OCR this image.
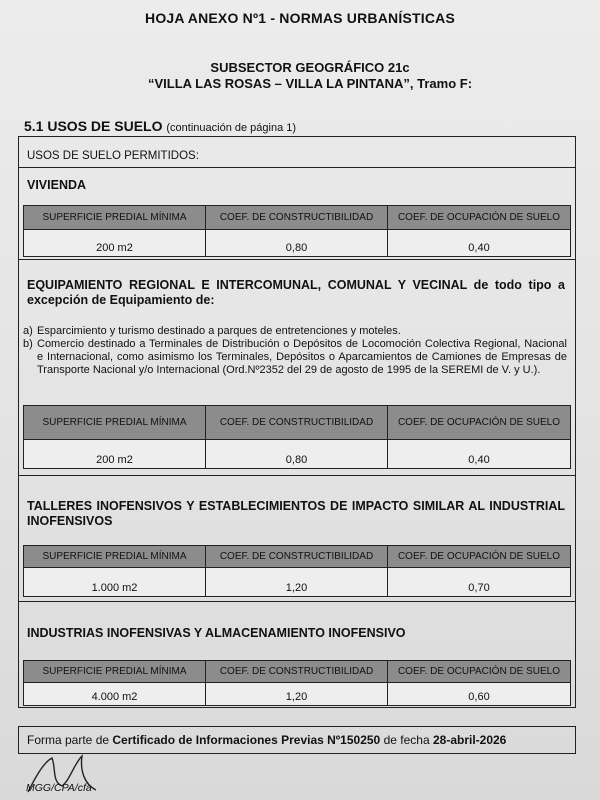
HOJA ANEXO Nº1 - NORMAS URBANÍSTICAS
SUBSECTOR GEOGRÁFICO 21c
“VILLA LAS ROSAS – VILLA LA PINTANA”, Tramo F:
5.1 USOS DE SUELO (continuación de página 1)
USOS DE SUELO PERMITIDOS:
VIVIENDA
SUPERFICIE PREDIAL MÍNIMA	COEF. DE CONSTRUCTIBILIDAD	COEF. DE OCUPACIÓN DE SUELO
200 m2	0,80	0,40
EQUIPAMIENTO REGIONAL E INTERCOMUNAL, COMUNAL Y VECINAL de todo tipo a excepción de Equipamiento de:
a) Esparcimiento y turismo destinado a parques de entretenciones y moteles.
b) Comercio destinado a Terminales de Distribución o Depósitos de Locomoción Colectiva Regional, Nacional e Internacional, como asimismo los Terminales, Depósitos o Aparcamientos de Camiones de Empresas de Transporte Nacional y/o Internacional (Ord.Nº2352 del 29 de agosto de 1995 de la SEREMI de V. y U.).
SUPERFICIE PREDIAL MÍNIMA	COEF. DE CONSTRUCTIBILIDAD	COEF. DE OCUPACIÓN DE SUELO
200 m2	0,80	0,40
TALLERES INOFENSIVOS Y ESTABLECIMIENTOS DE IMPACTO SIMILAR AL INDUSTRIAL INOFENSIVOS
SUPERFICIE PREDIAL MÍNIMA	COEF. DE CONSTRUCTIBILIDAD	COEF. DE OCUPACIÓN DE SUELO
1.000 m2	1,20	0,70
INDUSTRIAS INOFENSIVAS Y ALMACENAMIENTO INOFENSIVO
SUPERFICIE PREDIAL MÍNIMA	COEF. DE CONSTRUCTIBILIDAD	COEF. DE OCUPACIÓN DE SUELO
4.000 m2	1,20	0,60
Forma parte de
Certificado de Informaciones Previas Nº150250
de fecha
28-abril-2026
MGG/CPA/cfa
